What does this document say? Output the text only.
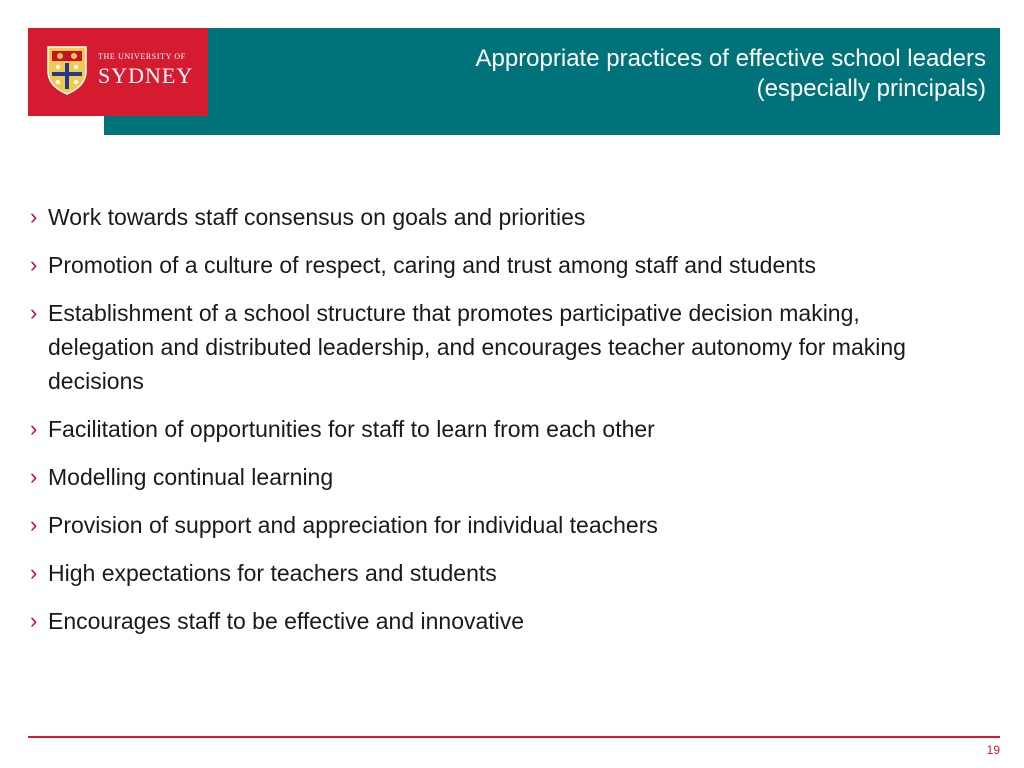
THE UNIVERSITY OF
SYDNEY
Appropriate practices of effective school leaders
(especially principals)
› Work towards staff consensus on goals and priorities
› Promotion of a culture of respect, caring and trust among staff and students
› Establishment of a school structure that promotes participative decision making, delegation and distributed leadership, and encourages teacher autonomy for making decisions
› Facilitation of opportunities for staff to learn from each other
› Modelling continual learning
› Provision of support and appreciation for individual teachers
› High expectations for teachers and students
› Encourages staff to be effective and innovative
19
